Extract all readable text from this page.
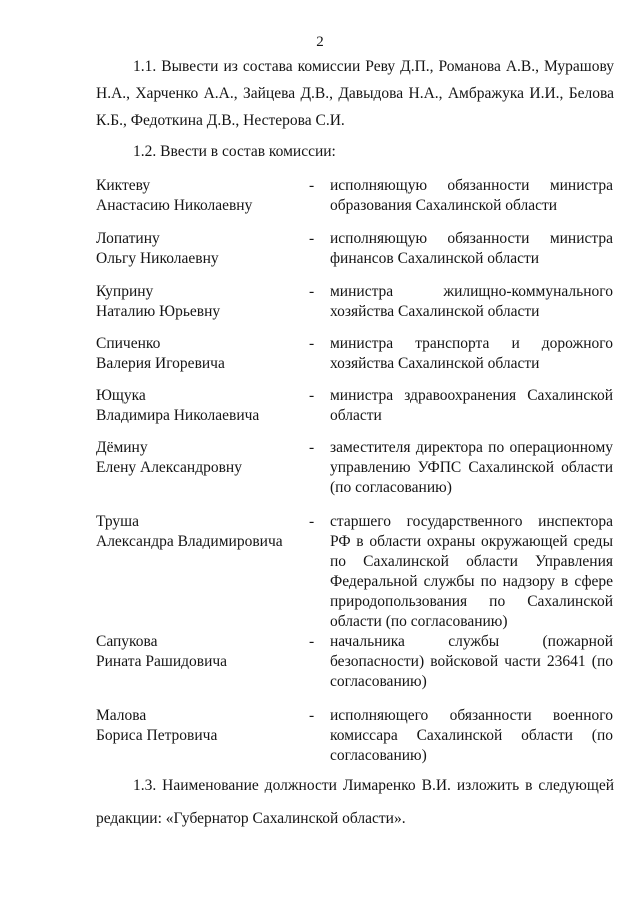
2
1.1. Вывести из состава комиссии Реву Д.П., Романова А.В., Мурашову Н.А., Харченко А.А., Зайцева Д.В., Давыдова Н.А., Амбражука И.И., Белова К.Б., Федоткина Д.В., Нестерова С.И.
1.2. Ввести в состав комиссии:
Киктеву
Анастасию Николаевну
- исполняющую обязанности министра образования Сахалинской области
Лопатину
Ольгу Николаевну
- исполняющую обязанности министра финансов Сахалинской области
Куприну
Наталию Юрьевну
- министра жилищно-коммунального хозяйства Сахалинской области
Спиченко
Валерия Игоревича
- министра транспорта и дорожного хозяйства Сахалинской области
Ющука
Владимира Николаевича
- министра здравоохранения Сахалинской области
Дёмину
Елену Александровну
- заместителя директора по операционному управлению УФПС Сахалинской области (по согласованию)
Труша
Александра Владимировича
- старшего государственного инспектора РФ в области охраны окружающей среды по Сахалинской области Управления Федеральной службы по надзору в сфере природопользования по Сахалинской области (по согласованию)
Сапукова
Рината Рашидовича
- начальника службы (пожарной безопасности) войсковой части 23641 (по согласованию)
Малова
Бориса Петровича
- исполняющего обязанности военного комиссара Сахалинской области (по согласованию)
1.3. Наименование должности Лимаренко В.И. изложить в следующей редакции: «Губернатор Сахалинской области».
